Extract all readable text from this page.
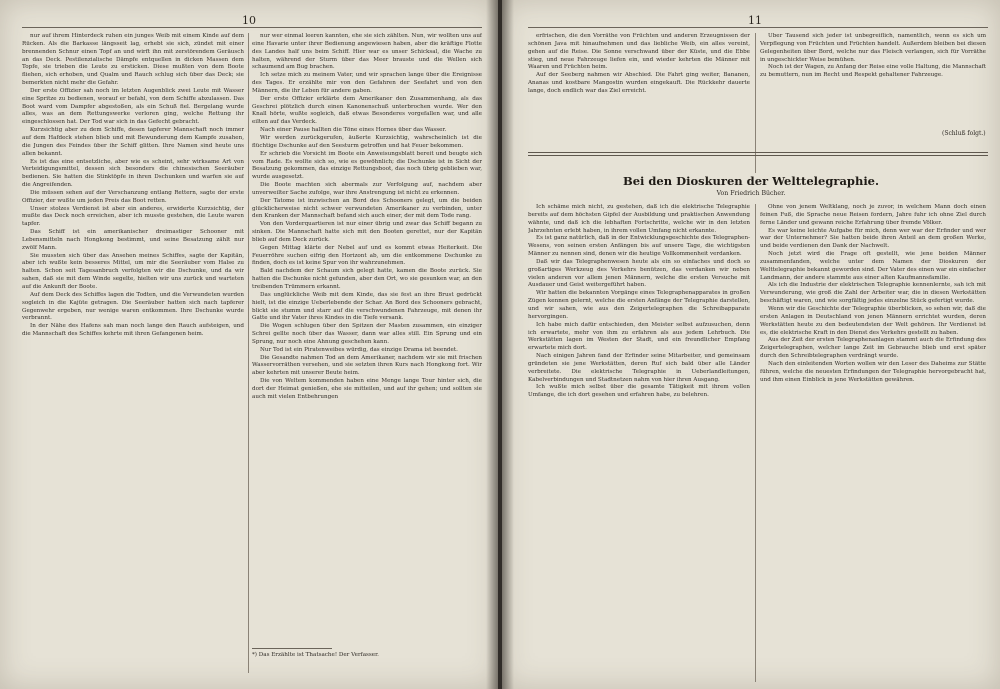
10

nur auf ihrem Hinterdeck ruhen ein junges Weib mit einem Kinde auf dem Rücken. Als die Barkasse längsseit lag, erhebt sie sich, zündet mit einer brennenden Schnur einen Topf an und wirft ihn mit zerstörendem Geräusch an das Deck. Pestilenzialische Dämpfe entquellen in dicken Massen dem Topfe, sie trieben die Leute zu ersticken. Diese mußten von dem Boote fliehen, sich erhoben, und Qualm und Rauch schlug sich über das Deck; sie bemerkten nicht mehr die Gefahr.

Der erste Offizier sah noch im letzten Augenblick zwei Leute mit Wasser eine Spritze zu bedienen, worauf er befahl, von dem Schiffe abzulassen. Das Boot ward vom Dampfer abgestoßen, als ein Schuß fiel. Bergelang wurde alles, was an dem Rettungswerke verloren ging, welche Rettung ihr eingeschlossen hat. Der Tod war sich in das Gefecht gebracht.

Kurzsichtig aber zu dem Schiffe, desen tapferer Mannschaft noch immer auf dem Hafdeck stehen blieb und mit Bewunderung dem Kampfe zusahen, die Jungen des Feindes über ihr Schiff glitten. Ihre Namen sind heute uns allen bekannt.

Es ist das eine entsetzliche, aber wie es scheint, sehr wirksame Art von Verteidigungsmittel, dessen sich besonders die chinesischen Seeräuber bedienen. Sie hatten die Stinktöpfe in ihren Dschunken und warfen sie auf die Angreifenden.

Die müssen sehen auf der Verschanzung entlang Rettern, sagte der erste Offizier, der wußte um jeden Preis das Boot retten.

Unser stolzes Verdienst ist aber ein anderes, erwiderte Kurzsichtig, der mußte das Deck noch erreichen, aber ich musste gestehen, die Leute waren tapfer.

Das Schiff ist ein amerikanischer dreimastiger Schooner mit Lebensmitteln nach Hongkong bestimmt, und seine Besatzung zählt nur zwölf Mann.

Sie mussten sich über das Ansehen meines Schiffes, sagte der Kapitän, aber ich wußte kein besseres Mittel, um mir die Seeräuber vom Halse zu halten. Schon seit Tagesanbruch verfolgten wir die Dschunke, und da wir sahen, daß sie mit dem Winde segelte, hielten wir uns zurück und warteten auf die Ankunft der Boote.

Auf dem Deck des Schiffes lagen die Todten, und die Verwundeten wurden sogleich in die Kajüte getragen. Die Seeräuber hatten sich nach tapferer Gegenwehr ergeben, nur wenige waren entkommen. Ihre Dschunke wurde verbrannt.

In der Nähe des Hafens sah man noch lange den Rauch aufsteigen, und die Mannschaft des Schiffes kehrte mit ihren Gefangenen heim.

nur wer einmal leeren kannten, ehe sie sich zählten. Nun, wir wollten uns auf eine Havarie unter ihrer Bedienung angewiesen haben, aber die kräftige Flotte des Landes half uns beim Schiff. Hier war es unser Schicksal, die Wache zu halten, während der Sturm über das Meer brauste und die Wellen sich schaumend am Bug brachen.

Ich setze mich zu meinem Vater, und wir sprachen lange über die Ereignisse des Tages. Er erzählte mir von den Gefahren der Seefahrt und von den Männern, die ihr Leben für andere gaben.

Der erste Offizier erklärte dem Amerikaner den Zusammenhang, als das Geschrei plötzlich durch einen Kanonenschuß unterbrochen wurde. Wer den Knall hörte, wußte sogleich, daß etwas Besonderes vorgefallen war, und alle eilten auf das Verdeck.

Nach einer Pause hallten die Töne eines Hornes über das Wasser.

Wir werden zurückgerufen, äußerte Kurzsichtig, wahrscheinlich ist die flüchtige Dschunke auf den Seesturm getroffen und hat Feuer bekommen.

Er schrieb die Vorsicht im Boote ein Anweisungsblatt bereit und beugte sich vom Rade. Es wollte sich so, wie es gewöhnlich; die Dschunke ist in Sicht der Besatzung gekommen, das einzige Rettungsboot, das noch übrig geblieben war, wurde ausgesetzt.

Die Boote machten sich abermals zur Verfolgung auf, nachdem aber unverweilter Sache zufolge, war ihre Anstrengung ist nicht zu erkennen.

Der Tatome ist inzwischen an Bord des Schooners gelegt, um die beiden glücklicherweise nicht schwer verwundeten Amerikaner zu verbinden, unter den Kranken der Mannschaft befand sich auch einer, der mit dem Tode rang.

Von den Vorderquartieren ist nur einer übrig und zwar das Schiff begann zu sinken. Die Mannschaft hatte sich mit den Booten gerettet, nur der Kapitän blieb auf dem Deck zurück.

Gegen Mittag klärte der Nebel auf und es kommt etwas Heiterkeit. Die Feuerröhre suchen eifrig den Horizont ab, um die entkommene Dschunke zu finden, doch es ist keine Spur von ihr wahrzunehmen.

Bald nachdem der Schaum sich gelegt hatte, kamen die Boote zurück. Sie hatten die Dschunke nicht gefunden, aber den Ort, wo sie gesunken war, an den treibenden Trümmern erkannt.

Das unglückliche Weib mit dem Kinde, das sie fest an ihre Brust gedrückt hielt, ist die einzige Ueberlebende der Schar. An Bord des Schooners gebracht, blickt sie stumm und starr auf die verschwundenen Fahrzeuge, mit denen ihr Gatte und ihr Vater ihres Kindes in die Tiefe versank.

Die Wogen schlugen über den Spitzen der Masten zusammen, ein einziger Schrei gellte noch über das Wasser, dann war alles still. Ein Sprung und ein Sprung, nur noch eine Ahnung geschehen kann.

Nur Tod ist ein Piratenweibes würdig, das einzige Drama ist beendet.

Die Gesandte nahmen Tod an dem Amerikaner, nachdem wir sie mit frischen Wasservorräthen versehen, und sie setzten ihren Kurs nach Hongkong fort. Wir aber kehrten mit unserer Beute heim.

Die von Weltem kommenden haben eine Menge lange Tour hinter sich, die dort der Heimat genießen, ehe sie mitteilen, und auf ihr gehen; und sollten sie auch mit vielen Entbehrungen

*) Das Erzählte ist Thatsache! Der Verfasser.
11

erfrischen, die den Vorräthe von Früchten und anderen Erzeugnissen der schönen Java mit hinaufnehmen und das liebliche Weib, ein alles vereint, gehen auf die Reise. Die Sonne verschwand über der Küste, und die Ebbe stieg, und neue Fahrzeuge liefen ein, und wieder kehrten die Männer mit Waaren und Früchten heim.

Auf der Seeberg nahmen wir Abschied. Die Fahrt ging weiter, Bananen, Ananas und kostbare Mangostin wurden eingekauft. Die Rückkehr dauerte lange, doch endlich war das Ziel erreicht.

Über Tausend sich jeder ist unbegreiflich, namentlich, wenn es sich um Verpflegung von Früchten und Früchten handelt. Außerdem bleiben bei diesen Gelegenheiten über Bord, welche nur das Fleisch verlangen, sich für Vorräthe in ungeschickter Weise bemühen.

Noch ist der Wagen, zu Anfang der Reise eine volle Haltung, die Mannschaft zu bemuttern, nun im Recht und Respekt gehaltener Fahrzeuge.

(Schluß folgt.)
Bei den Dioskuren der Welttelegraphie.
Von Friedrich Bücher.

Ich schäme mich nicht, zu gestehen, daß ich die elektrische Telegraphie bereits auf dem höchsten Gipfel der Ausbildung und praktischen Anwendung wähnte, und daß ich die lebhaften Fortschritte, welche wir in den letzten Jahrzehnten erlebt haben, in ihrem vollen Umfang nicht erkannte.

Es ist ganz natürlich, daß in der Entwicklungsgeschichte des Telegraphen-Wesens, von seinen ersten Anfängen bis auf unsere Tage, die wichtigsten Männer zu nennen sind, denen wir die heutige Vollkommenheit verdanken.

Daß wir das Telegraphenwesen heute als ein so einfaches und doch so großartiges Werkzeug des Verkehrs benützen, das verdanken wir neben vielen anderen vor allem jenen Männern, welche die ersten Versuche mit Ausdauer und Geist weitergeführt haben.

Wir hatten die bekannten Vorgänge eines Telegraphenapparates in großen Zügen kennen gelernt, welche die ersten Anfänge der Telegraphie darstellen, und wir sahen, wie aus den Zeigertelegraphen die Schreibapparate hervorgingen.

Ich habe mich dafür entschieden, den Meister selbst aufzusuchen, denn ich erwartete, mehr von ihm zu erfahren als aus jedem Lehrbuch. Die Werkstätten lagen im Westen der Stadt, und ein freundlicher Empfang erwartete mich dort.

Nach einigen Jahren fand der Erfinder seine Mitarbeiter, und gemeinsam gründeten sie jene Werkstätten, deren Ruf sich bald über alle Länder verbreitete. Die elektrische Telegraphie in Ueberlandleitungen, Kabelverbindungen und Stadtnetzen nahm von hier ihren Ausgang.

Ich wußte mich selbst über die gesamte Tätigkeit mit ihrem vollen Umfange, die ich dort gesehen und erfahren habe, zu belehren.

Ohne von jenem Weltklang, noch je zuvor, in welchem Mann doch einen feinen Fuß, die Sprache neue Reisen fordern, Jahre fuhr ich ohne Ziel durch ferne Länder und gewann reiche Erfahrung über fremde Völker.

Es war keine leichte Aufgabe für mich, denn wer war der Erfinder und wer war der Unternehmer? Sie hatten beide ihren Anteil an dem großen Werke, und beide verdienen den Dank der Nachwelt.

Noch jetzt wird die Frage oft gestellt, wie jene beiden Männer zusammenfanden, welche unter dem Namen der Dioskuren der Welttelegraphie bekannt geworden sind. Der Vater des einen war ein einfacher Landmann, der andere stammte aus einer alten Kaufmannsfamilie.

Als ich die Industrie der elektrischen Telegraphie kennenlernte, sah ich mit Verwunderung, wie groß die Zahl der Arbeiter war, die in diesen Werkstätten beschäftigt waren, und wie sorgfältig jedes einzelne Stück gefertigt wurde.

Wenn wir die Geschichte der Telegraphie überblicken, so sehen wir, daß die ersten Anlagen in Deutschland von jenen Männern errichtet wurden, deren Werkstätten heute zu den bedeutendsten der Welt gehören. Ihr Verdienst ist es, die elektrische Kraft in den Dienst des Verkehrs gestellt zu haben.

Aus der Zeit der ersten Telegraphenanlagen stammt auch die Erfindung des Zeigertelegraphen, welcher lange Zeit im Gebrauche blieb und erst später durch den Schreibtelegraphen verdrängt wurde.

Nach den einleitenden Worten wollen wir den Leser des Daheims zur Stätte führen, welche die neuesten Erfindungen der Telegraphie hervorgebracht hat, und ihm einen Einblick in jene Werkstätten gewähren.
